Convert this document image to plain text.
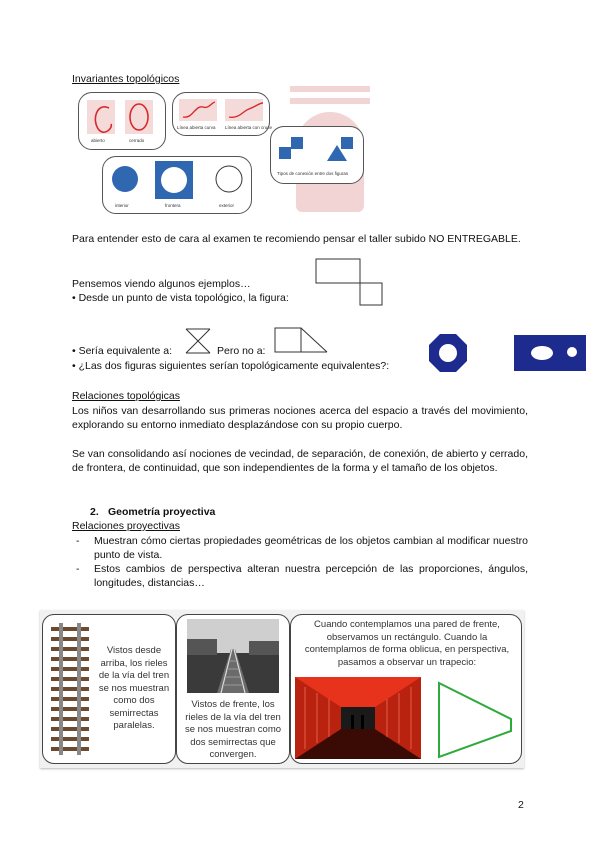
Invariantes topológicos
abierto	cerrado
Línea abierta curva Línea abierta con cruce
Tipos de conexión entre dos figuras
interior	frontera	exterior
Para entender esto de cara al examen te recomiendo pensar el taller subido NO ENTREGABLE.
Pensemos viendo algunos ejemplos…
• Desde un punto de vista topológico, la figura:
• Sería equivalente a:	Pero no a:
• ¿Las dos figuras siguientes serían topológicamente equivalentes?:
Relaciones topológicas
Los niños van desarrollando sus primeras nociones acerca del espacio a través del movimiento, explorando su entorno inmediato desplazándose con su propio cuerpo.
Se van consolidando así nociones de vecindad, de separación, de conexión, de abierto y cerrado, de frontera, de continuidad, que son independientes de la forma y el tamaño de los objetos.
2. Geometría proyectiva
Relaciones proyectivas
- Muestran cómo ciertas propiedades geométricas de los objetos cambian al modificar nuestro punto de vista.
- Estos cambios de perspectiva alteran nuestra percepción de las proporciones, ángulos, longitudes, distancias…
Vistos desde arriba, los rieles de la vía del tren se nos muestran como dos semirrectas paralelas.
Vistos de frente, los rieles de la vía del tren se nos muestran como dos semirrectas que convergen.
Cuando contemplamos una pared de frente, observamos un rectángulo. Cuando la contemplamos de forma oblicua, en perspectiva, pasamos a observar un trapecio:
2
